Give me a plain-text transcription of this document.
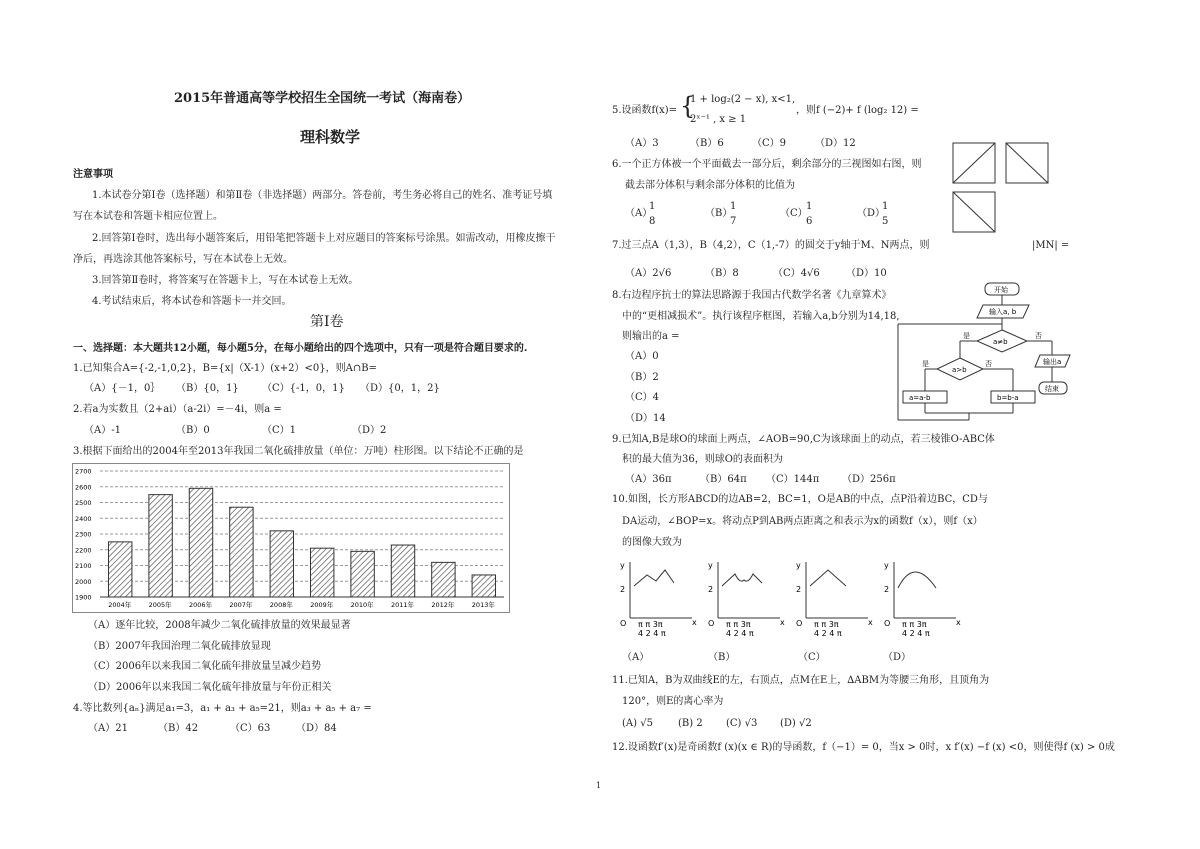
2015年普通高等学校招生全国统一考试（海南卷）
理科数学
注意事项
1.本试卷分第Ⅰ卷（选择题）和第Ⅱ卷（非选择题）两部分。答卷前，考生务必将自己的姓名、准考证号填
写在本试卷和答题卡相应位置上。
2.回答第Ⅰ卷时，选出每小题答案后，用铅笔把答题卡上对应题目的答案标号涂黑。如需改动，用橡皮擦干
净后，再选涂其他答案标号，写在本试卷上无效。
3.回答第Ⅱ卷时，将答案写在答题卡上，写在本试卷上无效。
4.考试结束后，将本试卷和答题卡一并交回。
第Ⅰ卷
一、选择题：本大题共12小题，每小题5分，在每小题给出的四个选项中，只有一项是符合题目要求的.
1.已知集合A={-2,-1,0,2}，B={x|（X-1）(x+2）<0}，则A∩B=
（A）{－1，0｝ （B）{0，1} （C）{-1，0，1} （D）{0，1，2}
2.若a为实数且（2+ai）（a-2i）=－4i，则a =
（A）-1	（B）0	（C）1	（D）2
3.根据下面给出的2004年至2013年我国二氧化硫排放量（单位：万吨）柱形图。以下结论不正确的是
1900
2000
2100
2200
2300
2400
2500
2600
2700
2004年	2005年	2006年	2007年	2008年	2009年	2010年	2011年	2012年	2013年
（A）逐年比较，2008年减少二氧化硫排放量的效果最显著
（B）2007年我国治理二氧化硫排放显现
（C）2006年以来我国二氧化硫年排放量呈减少趋势
（D）2006年以来我国二氧化硫年排放量与年份正相关
4.等比数列{aₙ}满足a₁=3，a₁ + a₃ + a₅=21，则a₃ + a₅ + a₇ =
（A）21	（B）42	（C）63	（D）84
5.设函数f(x)= {
1 + log₂(2 − x), x<1,
2ˣ⁻¹ , x ≥ 1
，则f (−2)+ f (log₂ 12) =
（A）3	（B）6	（C）9	（D）12
6.一个正方体被一个平面截去一部分后，剩余部分的三视图如右图，则
截去部分体积与剩余部分体积的比值为
（A）
1
8
（B）
1
7
（C）
1
6
（D）
1
5
7.过三点A（1,3），B（4,2），C（1,-7）的圆交于y轴于M、N两点，则	|MN| =
（A）2√6	（B）8	（C）4√6	（D）10
8.右边程序抗士的算法思路源于我国古代数学名著《九章算术》
中的“更相减损术”。执行该程序框图，若输入a,b分别为14,18,
则输出的a =
（A）0
（B）2
（C）4
（D）14
开始
输入a, b
a≠b
是	否
a>b
是	否
a=a-b	b=b-a
输出a
结束
9.已知A,B是球O的球面上两点，∠AOB=90,C为该球面上的动点，若三棱锥O-ABC体
积的最大值为36，则球O的表面积为
（A）36π	（B）64π （C）144π （D）256π
10.如图，长方形ABCD的边AB=2，BC=1，O是AB的中点，点P沿着边BC，CD与
DA运动，∠BOP=x。将动点P到AB两点距离之和表示为x的函数f（x），则f（x）
的图像大致为
y
2
O	x
π π 3π
4 2 4 π
y
2
O	x
π π 3π
4 2 4 π
y
2
O	x
π π 3π
4 2 4 π
y
2
O	x
π π 3π
4 2 4 π
（A）	（B）	（C）	（D）
11.已知A，B为双曲线E的左，右顶点，点M在E上，∆ABM为等腰三角形，且顶角为
120°，则E的离心率为
(A) √5	(B) 2 (C) √3 (D) √2
12.设函数f′(x)是奇函数f (x)(x ∈ R)的导函数，f（−1）= 0，当x > 0时，x f′(x) −f (x) <0，则使得f (x) > 0成
1
